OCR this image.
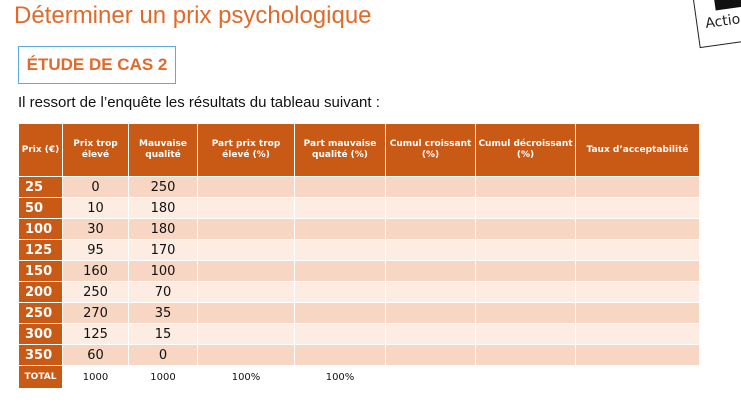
Déterminer un prix psychologique	Actio
ÉTUDE DE CAS 2
Il ressort de l’enquête les résultats du tableau suivant :
Prix (€)	Prix trop élevé	Mauvaise qualité	Part prix trop élevé (%)	Part mauvaise qualité (%)	Cumul croissant (%)	Cumul décroissant (%)	Taux d’acceptabilité
25	0	250					
50	10	180					
100	30	180					
125	95	170					
150	160	100					
200	250	70					
250	270	35					
300	125	15					
350	60	0					
TOTAL	1000	1000	100%	100%			
